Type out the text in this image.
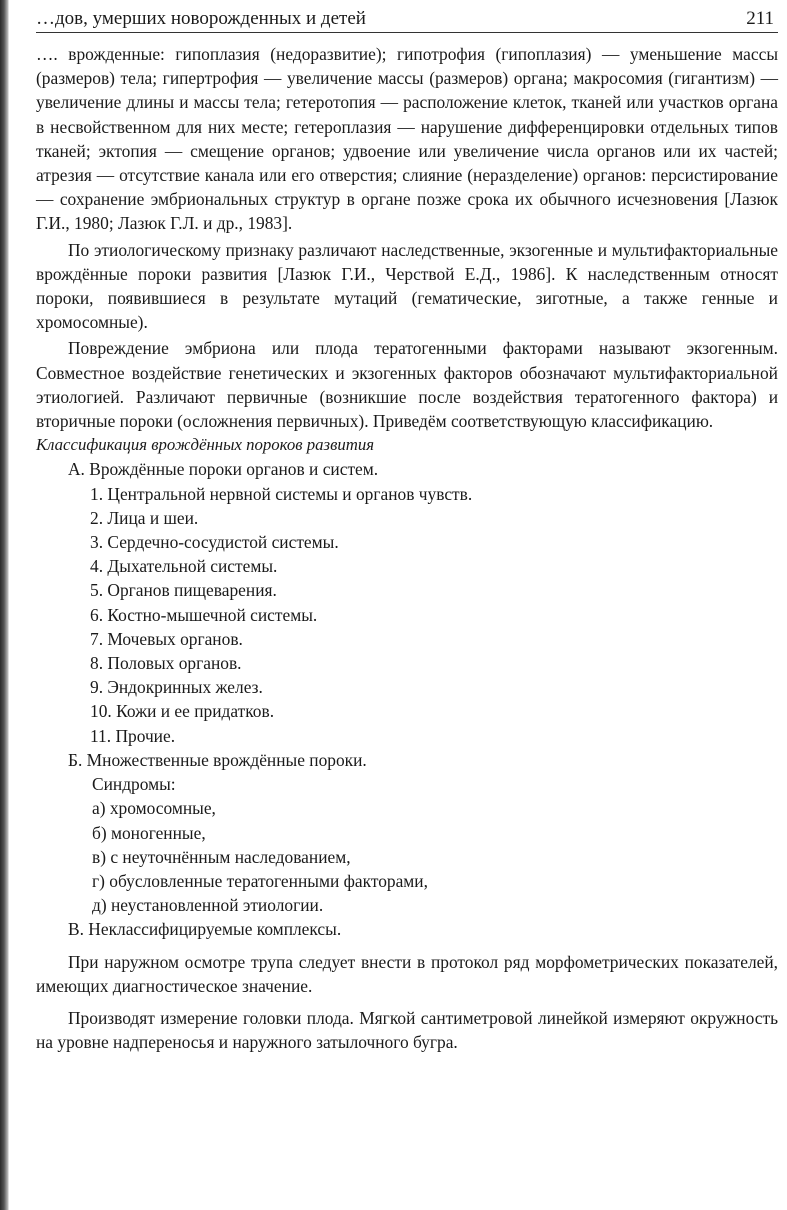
…дов, умерших новорожденных и детей	211

…. врожденные: гипоплазия (недоразвитие); гипотрофия (гипоплазия) — уменьшение массы (размеров) тела; гипертрофия — увеличение массы (размеров) органа; макросомия (гигантизм) — увеличение длины и массы тела; гетеротопия — расположение клеток, тканей или участков органа в несвойственном для них месте; гетероплазия — нарушение дифференцировки отдельных типов тканей; эктопия — смещение органов; удвоение или увеличение числа органов или их частей; атрезия — отсутствие канала или его отверстия; слияние (неразделение) органов: персистирование — сохранение эмбриональных структур в органе позже срока их обычного исчезновения [Лазюк Г.И., 1980; Лазюк Г.Л. и др., 1983].

По этиологическому признаку различают наследственные, экзогенные и мультифакториальные врождённые пороки развития [Лазюк Г.И., Черствой Е.Д., 1986]. К наследственным относят пороки, появившиеся в результате мутаций (гематические, зиготные, а также генные и хромосомные).

Повреждение эмбриона или плода тератогенными факторами называют экзогенным. Совместное воздействие генетических и экзогенных факторов обозначают мультифакториальной этиологией. Различают первичные (возникшие после воздействия тератогенного фактора) и вторичные пороки (осложнения первичных). Приведём соответствующую классификацию.

Классификация врождённых пороков развития

А. Врождённые пороки органов и систем.

1. Центральной нервной системы и органов чувств.

2. Лица и шеи.

3. Сердечно-сосудистой системы.

4. Дыхательной системы.

5. Органов пищеварения.

6. Костно-мышечной системы.

7. Мочевых органов.

8. Половых органов.

9. Эндокринных желез.

10. Кожи и ее придатков.

11. Прочие.

Б. Множественные врождённые пороки.

Синдромы:

а) хромосомные,

б) моногенные,

в) с неуточнённым наследованием,

г) обусловленные тератогенными факторами,

д) неустановленной этиологии.

В. Неклассифицируемые комплексы.

При наружном осмотре трупа следует внести в протокол ряд морфометрических показателей, имеющих диагностическое значение.

Производят измерение головки плода. Мягкой сантиметровой линейкой измеряют окружность на уровне надпереносья и наружного затылочного бугра.
